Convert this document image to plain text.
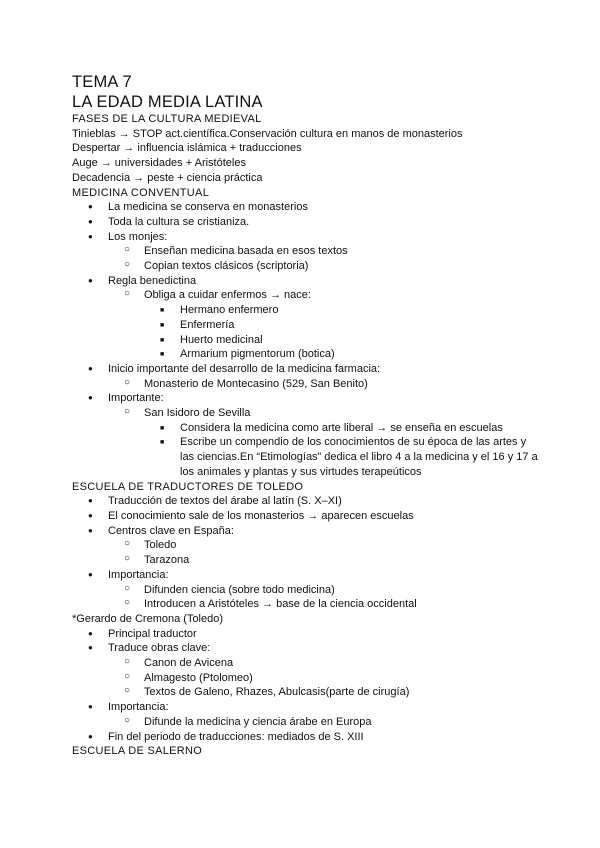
TEMA 7
LA EDAD MEDIA LATINA
FASES DE LA CULTURA MEDIEVAL
Tinieblas → STOP act.científica.Conservación cultura en manos de monasterios
Despertar → influencia islámica + traducciones
Auge → universidades + Aristóteles
Decadencia → peste + ciencia práctica
MEDICINA CONVENTUAL
●	La medicina se conserva en monasterios
●	Toda la cultura se cristianiza.
●	Los monjes:
○	Enseñan medicina basada en esos textos
○	Copian textos clásicos (scriptoria)
●	Regla benedictina
○	Obliga a cuidar enfermos → nace:
■	Hermano enfermero
■	Enfermería
■	Huerto medicinal
■	Armarium pigmentorum (botica)
●	Inicio importante del desarrollo de la medicina farmacia:
○	Monasterio de Montecasino (529, San Benito)
●	Importante:
○	San Isidoro de Sevilla
■	Considera la medicina como arte liberal → se enseña en escuelas
■	Escribe un compendio de los conocimientos de su época de las artes y las ciencias.En “Etimologías” dedica el libro 4 a la medicina y el 16 y 17 a los animales y plantas y sus virtudes terapeúticos
ESCUELA DE TRADUCTORES DE TOLEDO
●	Traducción de textos del árabe al latín (S. X–XI)
●	El conocimiento sale de los monasterios → aparecen escuelas
●	Centros clave en España:
○	Toledo
○	Tarazona
●	Importancia:
○	Difunden ciencia (sobre todo medicina)
○	Introducen a Aristóteles → base de la ciencia occidental
*Gerardo de Cremona (Toledo)
●	Principal traductor
●	Traduce obras clave:
○	Canon de Avicena
○	Almagesto (Ptolomeo)
○	Textos de Galeno, Rhazes, Abulcasis(parte de cirugía)
●	Importancia:
○	Difunde la medicina y ciencia árabe en Europa
●	Fin del periodo de traducciones: mediados de S. XIII
ESCUELA DE SALERNO
